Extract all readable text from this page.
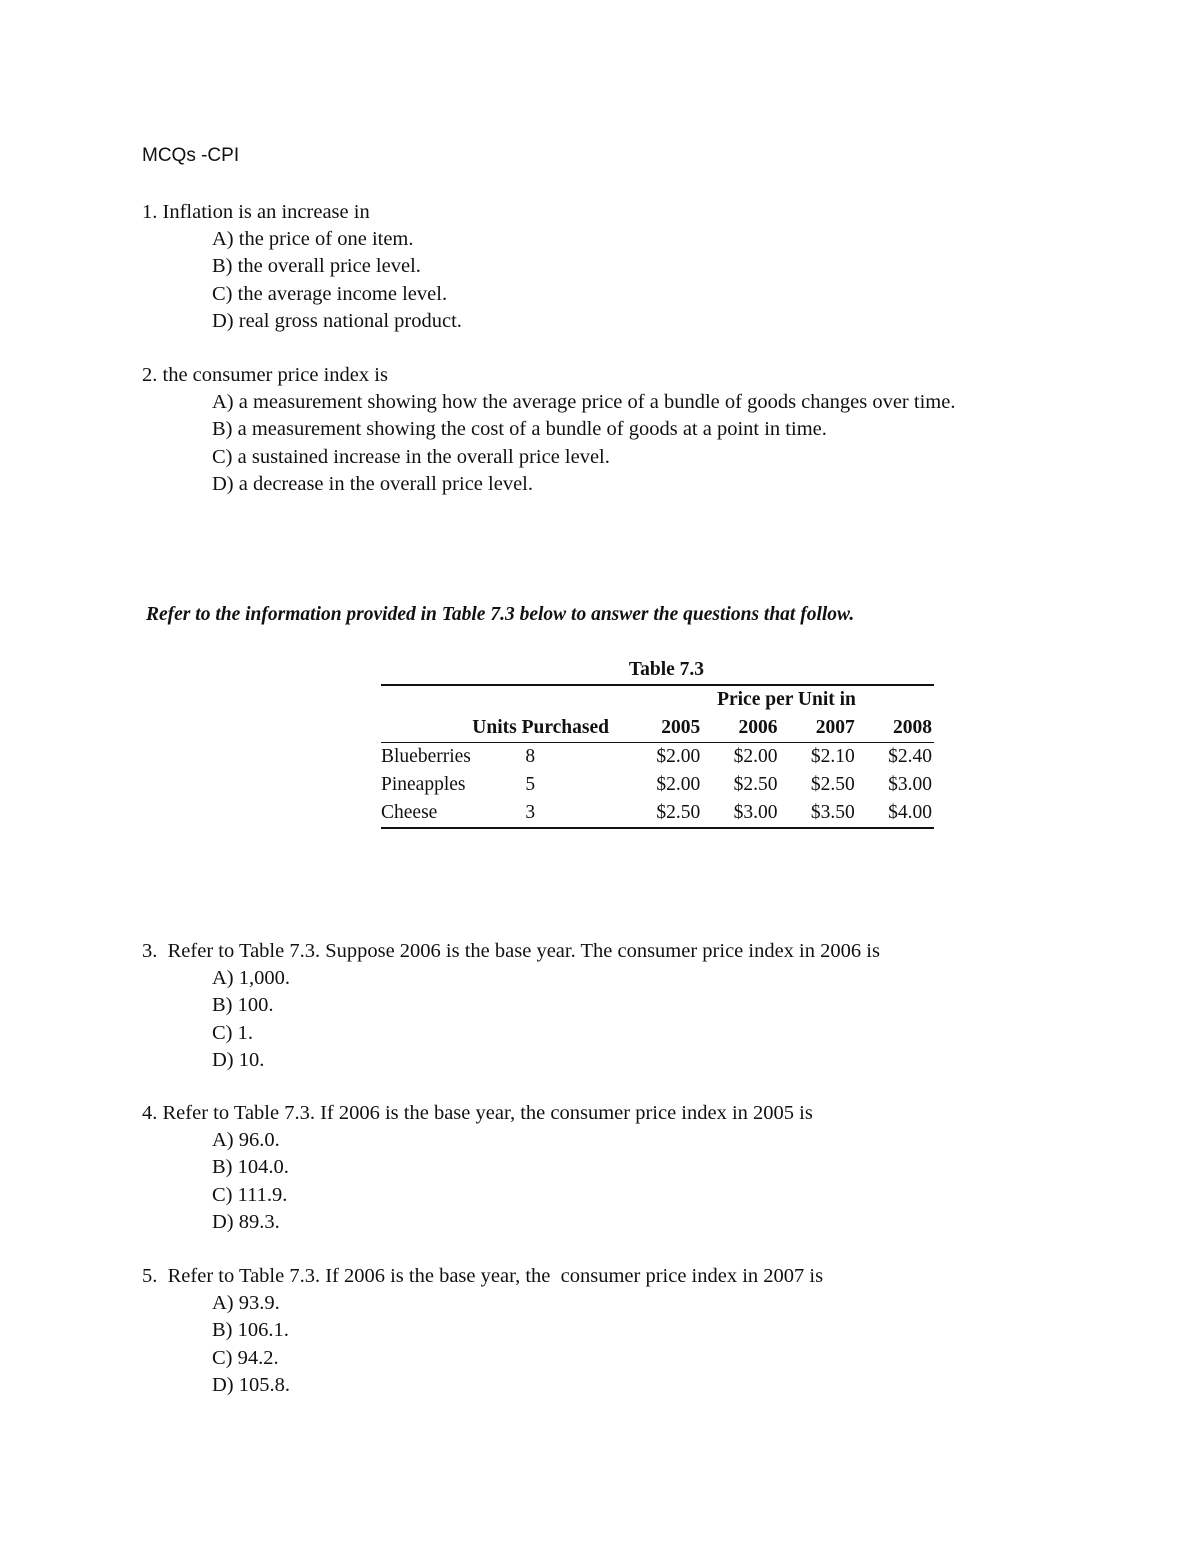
MCQs -CPI
1. Inflation is an increase in
A) the price of one item.
B) the overall price level.
C) the average income level.
D) real gross national product.
2. the consumer price index is
A) a measurement showing how the average price of a bundle of goods changes over time.
B) a measurement showing the cost of a bundle of goods at a point in time.
C) a sustained increase in the overall price level.
D) a decrease in the overall price level.
Refer to the information provided in Table 7.3 below to answer the questions that follow.
Table 7.3
		Price per Unit in			
Units Purchased		2005	2006	2007	2008
Blueberries	8	$2.00	$2.00	$2.10	$2.40
Pineapples	5	$2.00	$2.50	$2.50	$3.00
Cheese	3	$2.50	$3.00	$3.50	$4.00
3.  Refer to Table 7.3. Suppose 2006 is the base year. The consumer price index in 2006 is
A) 1,000.
B) 100.
C) 1.
D) 10.
4. Refer to Table 7.3. If 2006 is the base year, the consumer price index in 2005 is
A) 96.0.
B) 104.0.
C) 111.9.
D) 89.3.
5.  Refer to Table 7.3. If 2006 is the base year, the  consumer price index in 2007 is
A) 93.9.
B) 106.1.
C) 94.2.
D) 105.8.
